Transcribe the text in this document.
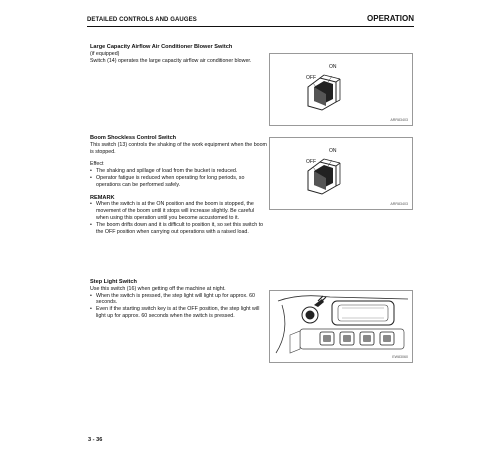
DETAILED CONTROLS AND GAUGES	OPERATION

Large Capacity Airflow Air Conditioner Blower Switch

(if equipped)

Switch (14) operates the large capacity airflow air conditioner blower.

ON
OFF
ARR83403

Boom Shockless Control Switch

This switch (13) controls the shaking of the work equipment when the boom is stopped.

Effect

• The shaking and spillage of load from the bucket is reduced.
• Operator fatigue is reduced when operating for long periods, so operations can be performed safely.

REMARK

• When the switch is at the ON position and the boom is stopped, the movement of the boom until it stops will increase slightly. Be careful when using this operation until you become accustomed to it.
• The boom drifts down and it is difficult to position it, so set this switch to the OFF position when carrying out operations with a raised load.
ON
OFF
ARR83403

Step Light Switch

Use this switch (16) when getting off the machine at night.

• When the switch is pressed, the step light will light up for approx. 60 seconds.
• Even if the starting switch key is at the OFF position, the step light will light up for approx. 60 seconds when the switch is pressed.
EW83060
3 - 36
